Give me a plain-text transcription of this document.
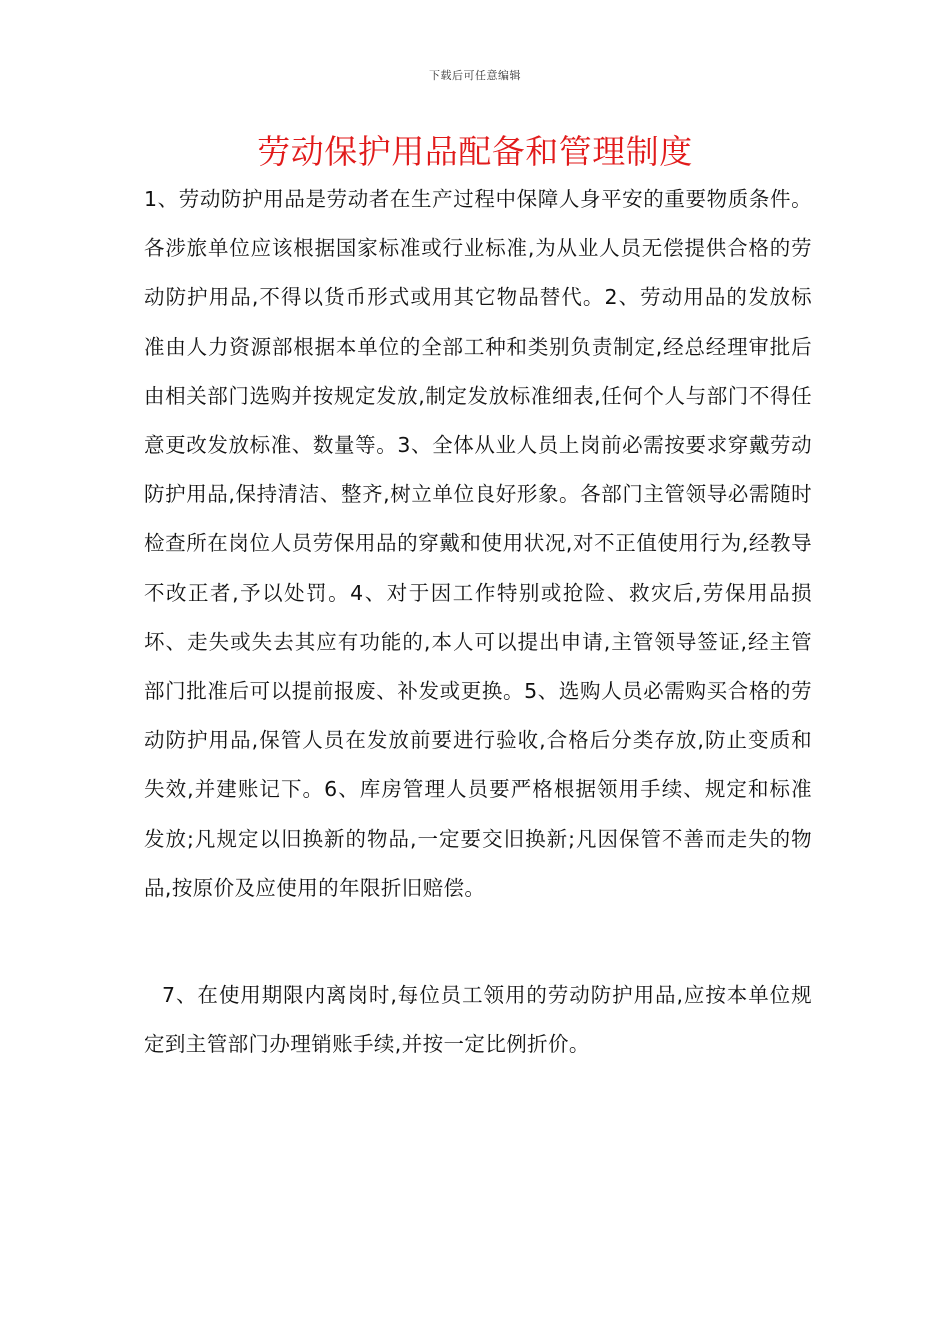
下载后可任意编辑
劳动保护用品配备和管理制度
1、劳动防护用品是劳动者在生产过程中保障人身平安的重要物质条件。各涉旅单位应该根据国家标准或行业标准,为从业人员无偿提供合格的劳动防护用品,不得以货币形式或用其它物品替代。2、劳动用品的发放标准由人力资源部根据本单位的全部工种和类别负责制定,经总经理审批后由相关部门选购并按规定发放,制定发放标准细表,任何个人与部门不得任意更改发放标准、数量等。3、全体从业人员上岗前必需按要求穿戴劳动防护用品,保持清洁、整齐,树立单位良好形象。各部门主管领导必需随时检查所在岗位人员劳保用品的穿戴和使用状况,对不正值使用行为,经教导不改正者,予以处罚。4、对于因工作特别或抢险、救灾后,劳保用品损坏、走失或失去其应有功能的,本人可以提出申请,主管领导签证,经主管部门批准后可以提前报废、补发或更换。5、选购人员必需购买合格的劳动防护用品,保管人员在发放前要进行验收,合格后分类存放,防止变质和失效,并建账记下。6、库房管理人员要严格根据领用手续、规定和标准发放;凡规定以旧换新的物品,一定要交旧换新;凡因保管不善而走失的物品,按原价及应使用的年限折旧赔偿。
7、在使用期限内离岗时,每位员工领用的劳动防护用品,应按本单位规定到主管部门办理销账手续,并按一定比例折价。
